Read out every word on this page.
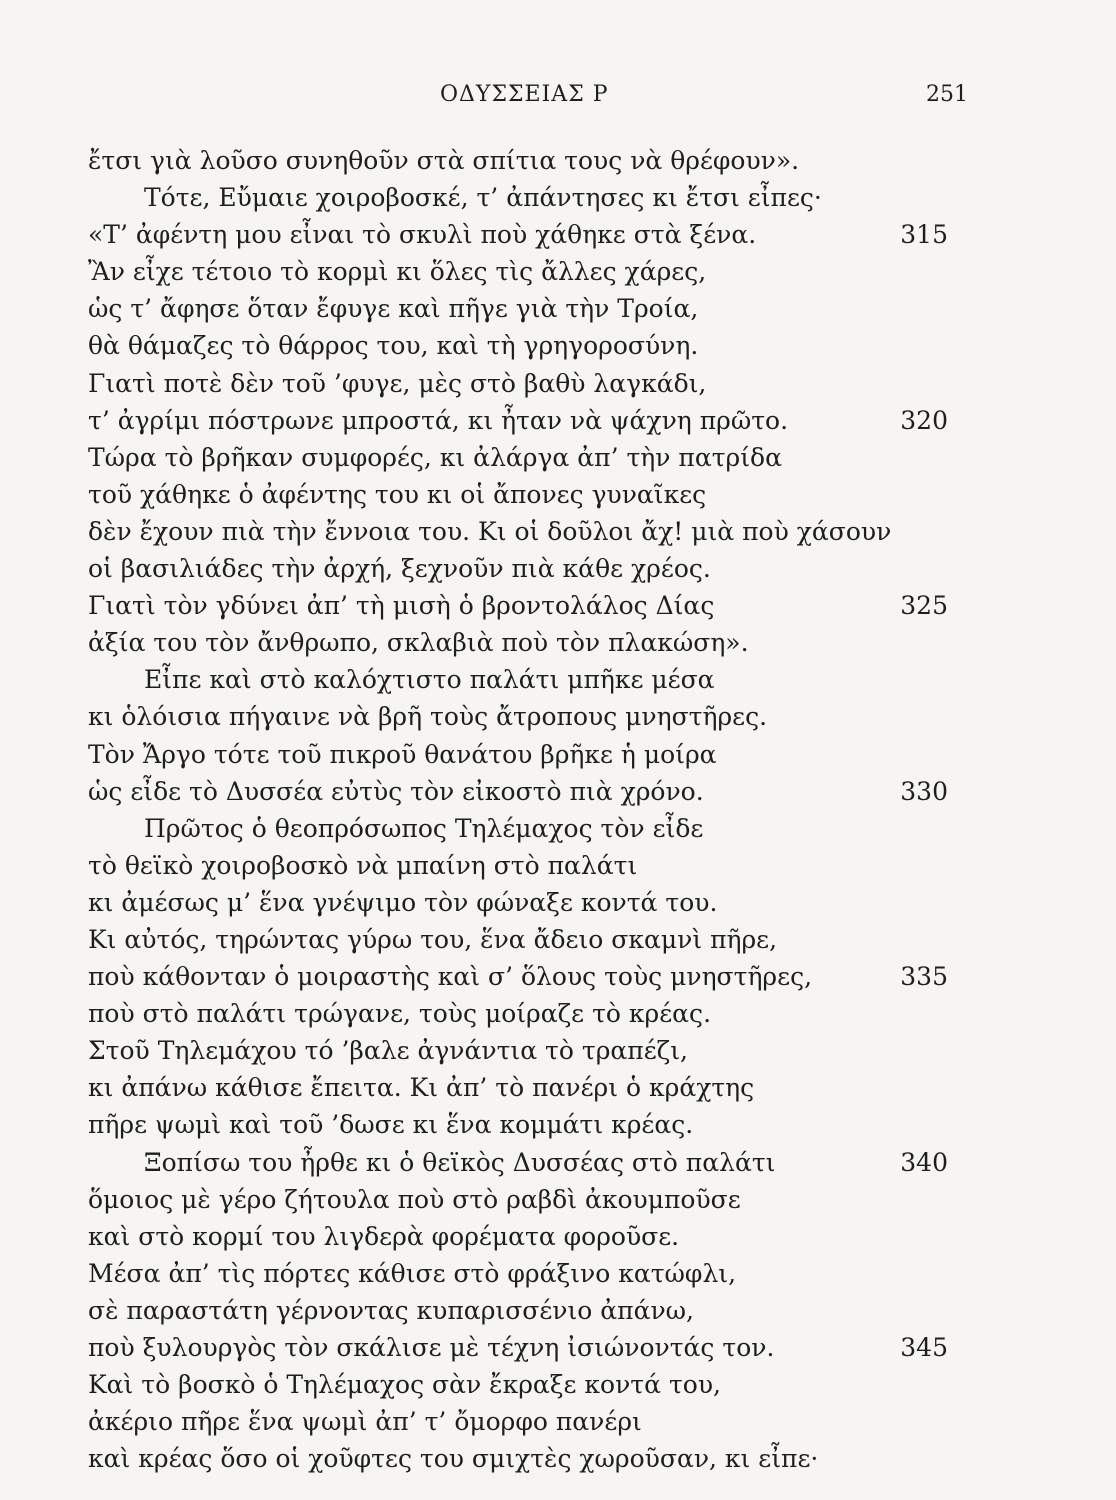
ΟΔΥΣΣΕΙΑΣ Ρ	251
ἔτσι γιὰ λοῦσο συνηθοῦν στὰ σπίτια τους νὰ θρέφουν».
Τότε, Εὔμαιε χοιροβοσκέ, τ’ ἀπάντησες κι ἔτσι εἶπες·
«Τ’ ἀφέντη μου εἶναι τὸ σκυλὶ ποὺ χάθηκε στὰ ξένα.	315
Ἂν εἶχε τέτοιο τὸ κορμὶ κι ὅλες τὶς ἄλλες χάρες,
ὡς τ’ ἄφησε ὅταν ἔφυγε καὶ πῆγε γιὰ τὴν Τροία,
θὰ θάμαζες τὸ θάρρος του, καὶ τὴ γρηγοροσύνη.
Γιατὶ ποτὲ δὲν τοῦ ’φυγε, μὲς στὸ βαθὺ λαγκάδι,
τ’ ἀγρίμι πόστρωνε μπροστά, κι ἦταν νὰ ψάχνη πρῶτο.	320
Τώρα τὸ βρῆκαν συμφορές, κι ἀλάργα ἀπ’ τὴν πατρίδα
τοῦ χάθηκε ὁ ἀφέντης του κι οἱ ἄπονες γυναῖκες
δὲν ἔχουν πιὰ τὴν ἔννοια του. Κι οἱ δοῦλοι ἄχ! μιὰ ποὺ χάσουν
οἱ βασιλιάδες τὴν ἀρχή, ξεχνοῦν πιὰ κάθε χρέος.
Γιατὶ τὸν γδύνει ἀπ’ τὴ μισὴ ὁ βροντολάλος Δίας	325
ἀξία του τὸν ἄνθρωπο, σκλαβιὰ ποὺ τὸν πλακώση».
Εἶπε καὶ στὸ καλόχτιστο παλάτι μπῆκε μέσα
κι ὁλόισια πήγαινε νὰ βρῆ τοὺς ἄτροπους μνηστῆρες.
Τὸν Ἄργο τότε τοῦ πικροῦ θανάτου βρῆκε ἡ μοίρα
ὡς εἶδε τὸ Δυσσέα εὐτὺς τὸν εἰκοστὸ πιὰ χρόνο.	330
Πρῶτος ὁ θεοπρόσωπος Τηλέμαχος τὸν εἶδε
τὸ θεϊκὸ χοιροβοσκὸ νὰ μπαίνη στὸ παλάτι
κι ἀμέσως μ’ ἕνα γνέψιμο τὸν φώναξε κοντά του.
Κι αὐτός, τηρώντας γύρω του, ἕνα ἄδειο σκαμνὶ πῆρε,
ποὺ κάθονταν ὁ μοιραστὴς καὶ σ’ ὅλους τοὺς μνηστῆρες,	335
ποὺ στὸ παλάτι τρώγανε, τοὺς μοίραζε τὸ κρέας.
Στοῦ Τηλεμάχου τό ’βαλε ἀγνάντια τὸ τραπέζι,
κι ἀπάνω κάθισε ἔπειτα. Κι ἀπ’ τὸ πανέρι ὁ κράχτης
πῆρε ψωμὶ καὶ τοῦ ’δωσε κι ἕνα κομμάτι κρέας.
Ξοπίσω του ἦρθε κι ὁ θεϊκὸς Δυσσέας στὸ παλάτι	340
ὅμοιος μὲ γέρο ζήτουλα ποὺ στὸ ραβδὶ ἀκουμποῦσε
καὶ στὸ κορμί του λιγδερὰ φορέματα φοροῦσε.
Μέσα ἀπ’ τὶς πόρτες κάθισε στὸ φράξινο κατώφλι,
σὲ παραστάτη γέρνοντας κυπαρισσένιο ἀπάνω,
ποὺ ξυλουργὸς τὸν σκάλισε μὲ τέχνη ἰσιώνοντάς τον.	345
Καὶ τὸ βοσκὸ ὁ Τηλέμαχος σὰν ἔκραξε κοντά του,
ἀκέριο πῆρε ἕνα ψωμὶ ἀπ’ τ’ ὄμορφο πανέρι
καὶ κρέας ὅσο οἱ χοῦφτες του σμιχτὲς χωροῦσαν, κι εἶπε·
